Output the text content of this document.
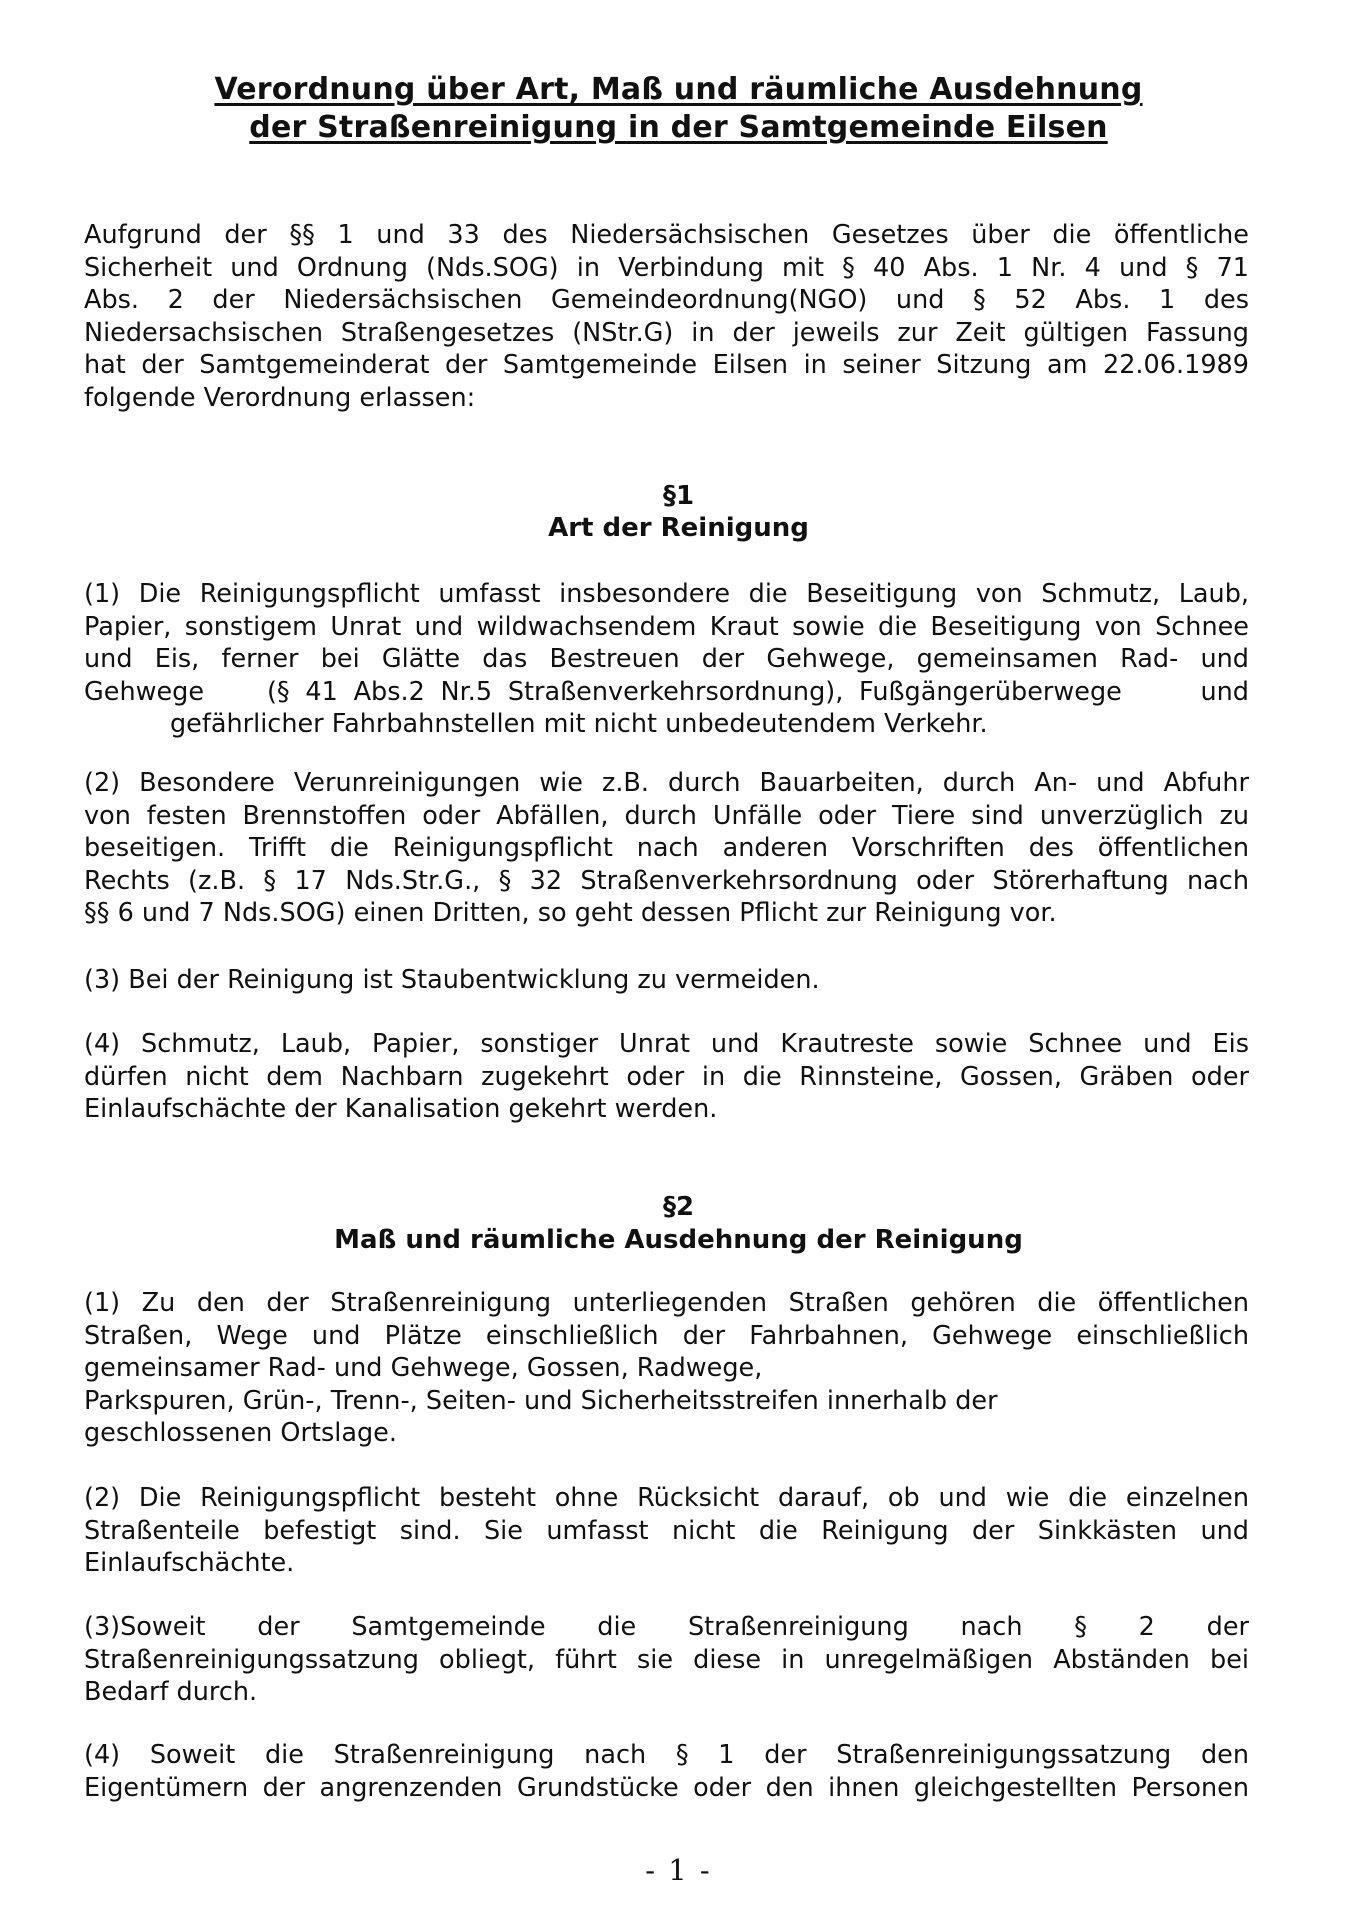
Verordnung über Art, Maß und räumliche Ausdehnung
der Straßenreinigung in der Samtgemeinde Eilsen
Aufgrund der §§ 1 und 33 des Niedersächsischen Gesetzes über die öffentliche
Sicherheit und Ordnung (Nds.SOG) in Verbindung mit § 40 Abs. 1 Nr. 4 und § 71
Abs. 2 der Niedersächsischen Gemeindeordnung(NGO) und § 52 Abs. 1 des
Niedersachsischen Straßengesetzes (NStr.G) in der jeweils zur Zeit gültigen Fassung
hat der Samtgemeinderat der Samtgemeinde Eilsen in seiner Sitzung am 22.06.1989
folgende Verordnung erlassen:
§1
Art der Reinigung
(1) Die Reinigungspflicht umfasst insbesondere die Beseitigung von Schmutz, Laub,
Papier, sonstigem Unrat und wildwachsendem Kraut sowie die Beseitigung von Schnee
und Eis, ferner bei Glätte das Bestreuen der Gehwege, gemeinsamen Rad- und
Gehwege    (§ 41 Abs.2 Nr.5 Straßenverkehrsordnung), Fußgängerüberwege     und
gefährlicher Fahrbahnstellen mit nicht unbedeutendem Verkehr.
(2) Besondere Verunreinigungen wie z.B. durch Bauarbeiten, durch An- und Abfuhr
von festen Brennstoffen oder Abfällen, durch Unfälle oder Tiere sind unverzüglich zu
beseitigen. Trifft die Reinigungspflicht nach anderen Vorschriften des öffentlichen
Rechts (z.B. § 17 Nds.Str.G., § 32 Straßenverkehrsordnung oder Störerhaftung nach
§§ 6 und 7 Nds.SOG) einen Dritten, so geht dessen Pflicht zur Reinigung vor.
(3) Bei der Reinigung ist Staubentwicklung zu vermeiden.
(4) Schmutz, Laub, Papier, sonstiger Unrat und Krautreste sowie Schnee und Eis
dürfen nicht dem Nachbarn zugekehrt oder in die Rinnsteine, Gossen, Gräben oder
Einlaufschächte der Kanalisation gekehrt werden.
§2
Maß und räumliche Ausdehnung der Reinigung
(1) Zu den der Straßenreinigung unterliegenden Straßen gehören die öffentlichen
Straßen, Wege und Plätze einschließlich der Fahrbahnen, Gehwege einschließlich
gemeinsamer Rad- und Gehwege, Gossen, Radwege,
Parkspuren, Grün-, Trenn-, Seiten- und Sicherheitsstreifen innerhalb der
geschlossenen Ortslage.
(2) Die Reinigungspflicht besteht ohne Rücksicht darauf, ob und wie die einzelnen
Straßenteile befestigt sind. Sie umfasst nicht die Reinigung der Sinkkästen und
Einlaufschächte.
(3)Soweit der Samtgemeinde die Straßenreinigung nach § 2 der
Straßenreinigungssatzung obliegt, führt sie diese in unregelmäßigen Abständen bei
Bedarf durch.
(4) Soweit die Straßenreinigung nach § 1 der Straßenreinigungssatzung den
Eigentümern der angrenzenden Grundstücke oder den ihnen gleichgestellten Personen
- 1 -
